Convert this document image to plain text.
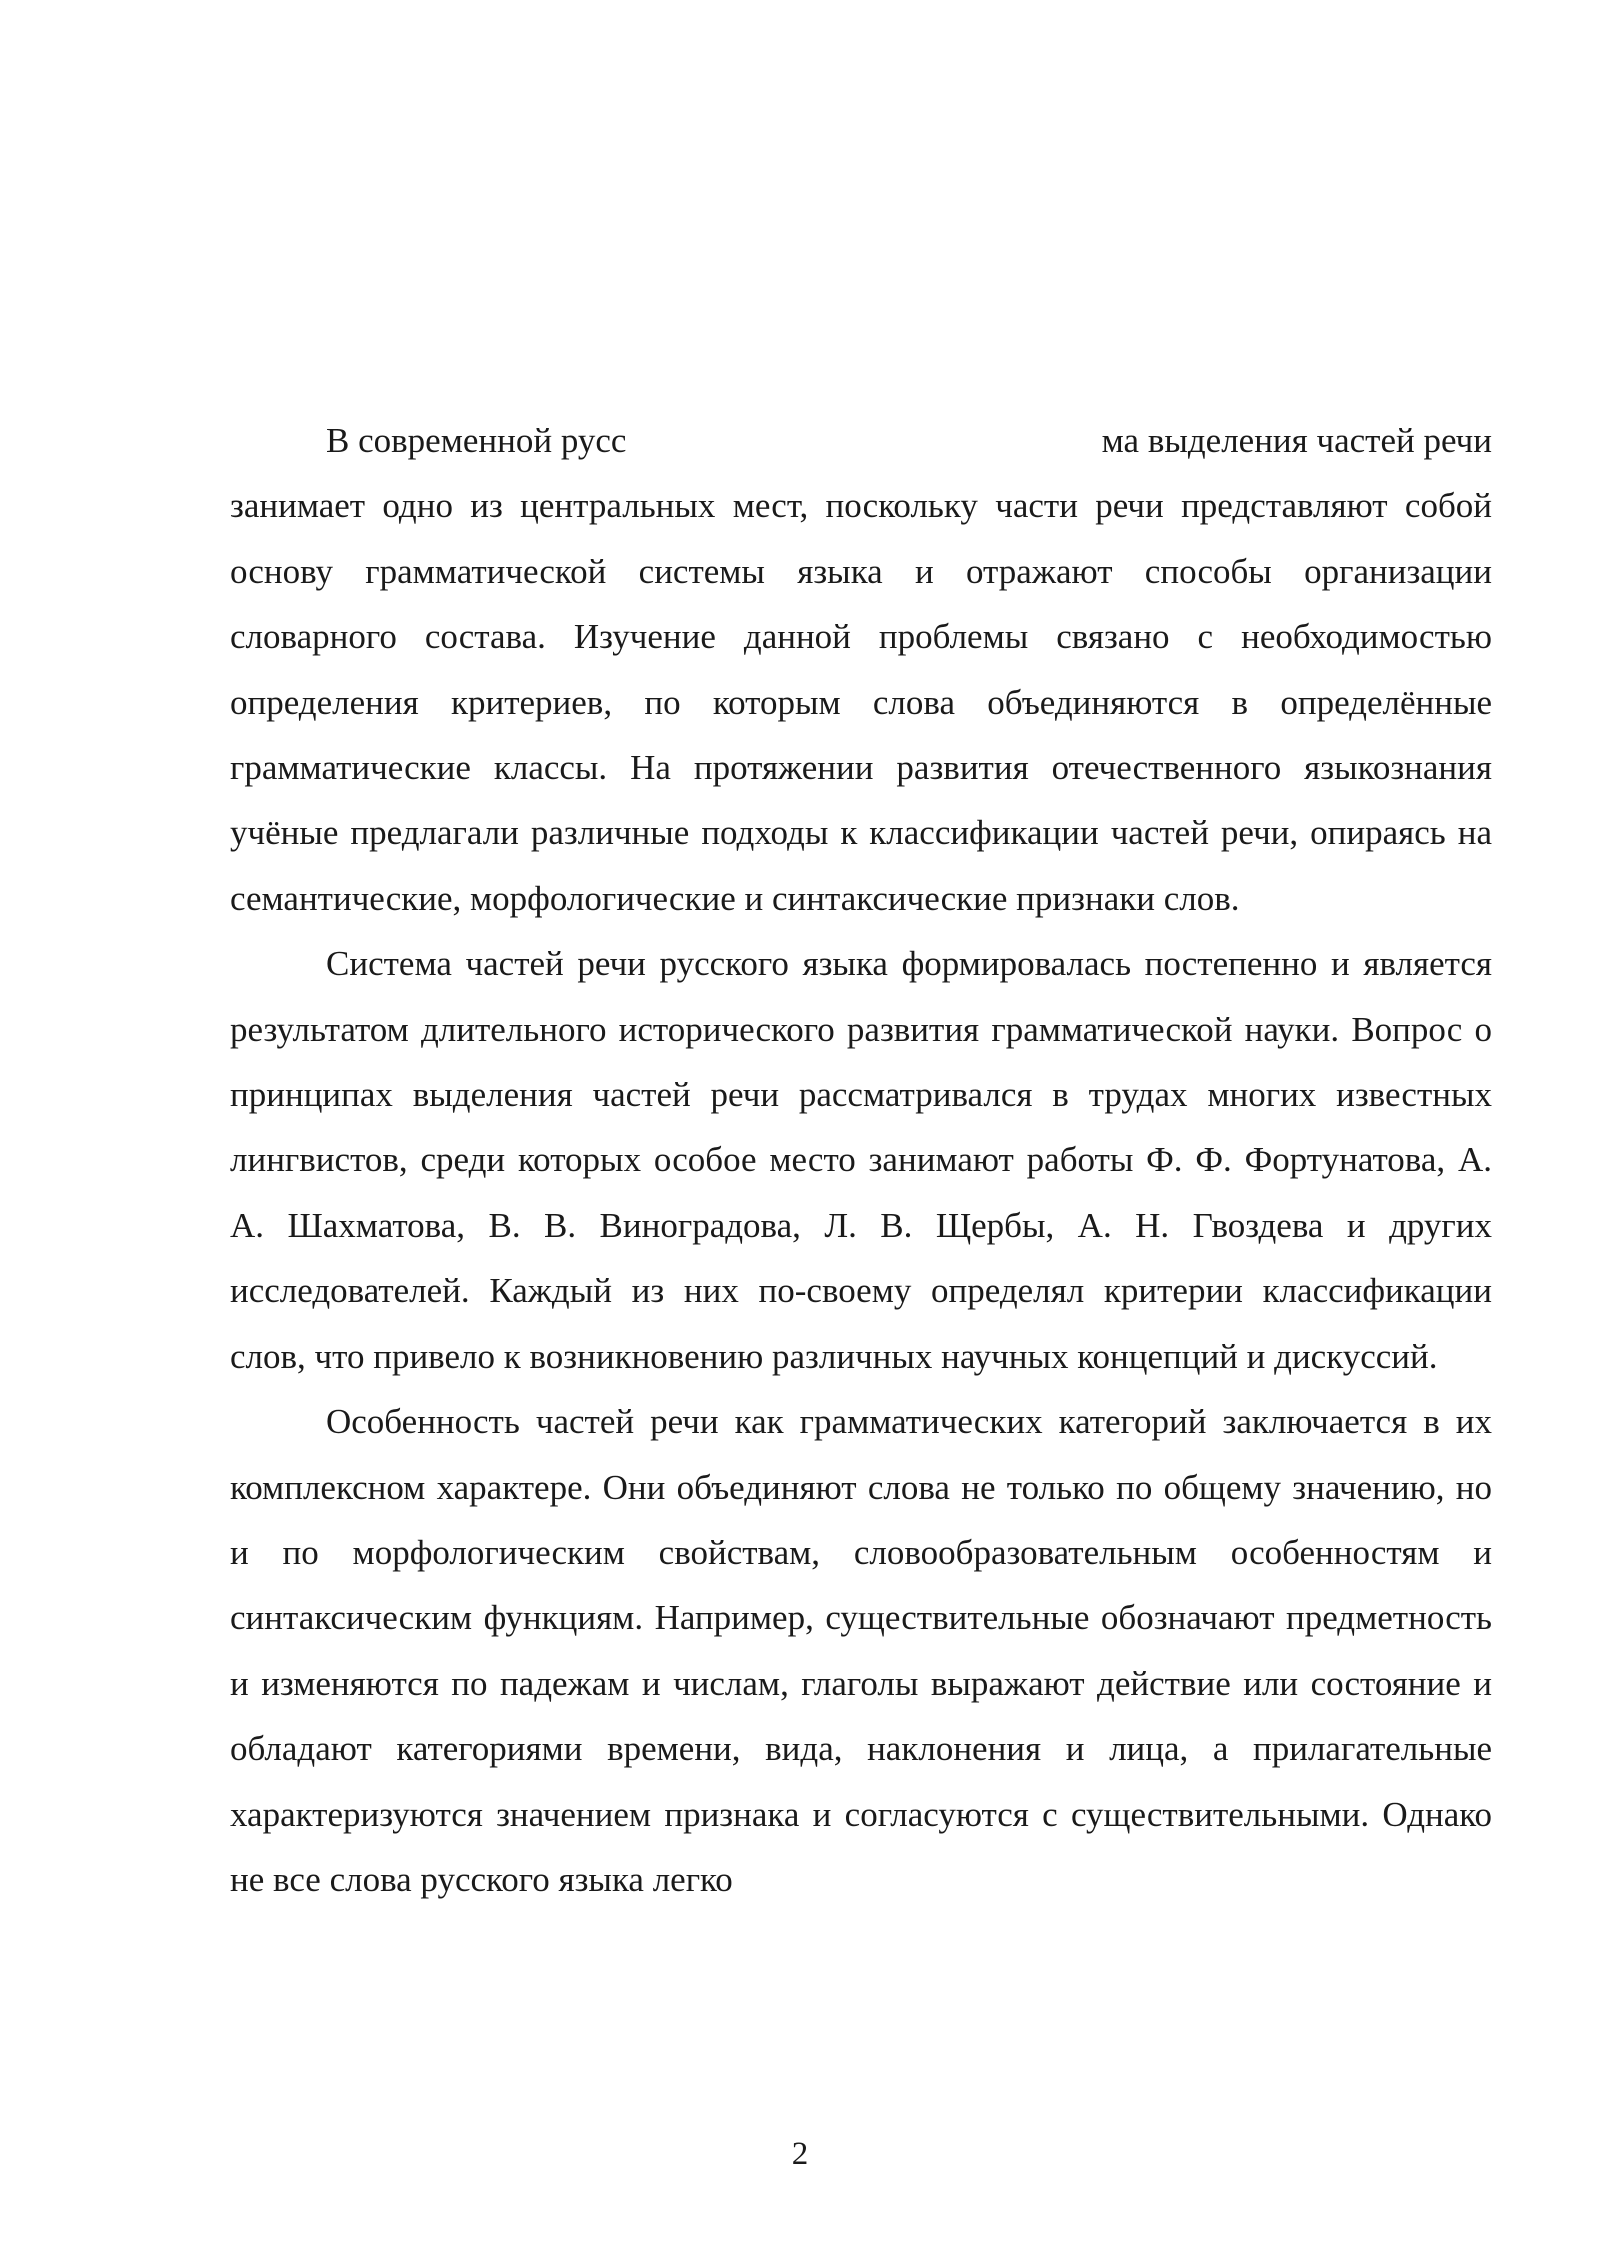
В современной русс	ма выделения частей речи
занимает одно из центральных мест, поскольку части речи представляют собой основу грамматической системы языка и отражают способы организации словарного состава. Изучение данной проблемы связано с необходимостью определения критериев, по которым слова объединяются в определённые грамматические классы. На протяжении развития отечественного языкознания учёные предлагали различные подходы к классификации частей речи, опираясь на семантические, морфологические и синтаксические признаки слов.

Система частей речи русского языка формировалась постепенно и является результатом длительного исторического развития грамматической науки. Вопрос о принципах выделения частей речи рассматривался в трудах многих известных лингвистов, среди которых особое место занимают работы Ф. Ф. Фортунатова, А. А. Шахматова, В. В. Виноградова, Л. В. Щербы, А. Н. Гвоздева и других исследователей. Каждый из них по-своему определял критерии классификации слов, что привело к возникновению различных научных концепций и дискуссий.

Особенность частей речи как грамматических категорий заключается в их комплексном характере. Они объединяют слова не только по общему значению, но и по морфологическим свойствам, словообразовательным особенностям и синтаксическим функциям. Например, существительные обозначают предметность и изменяются по падежам и числам, глаголы выражают действие или состояние и обладают категориями времени, вида, наклонения и лица, а прилагательные характеризуются значением признака и согласуются с существительными. Однако не все слова русского языка легко

2
